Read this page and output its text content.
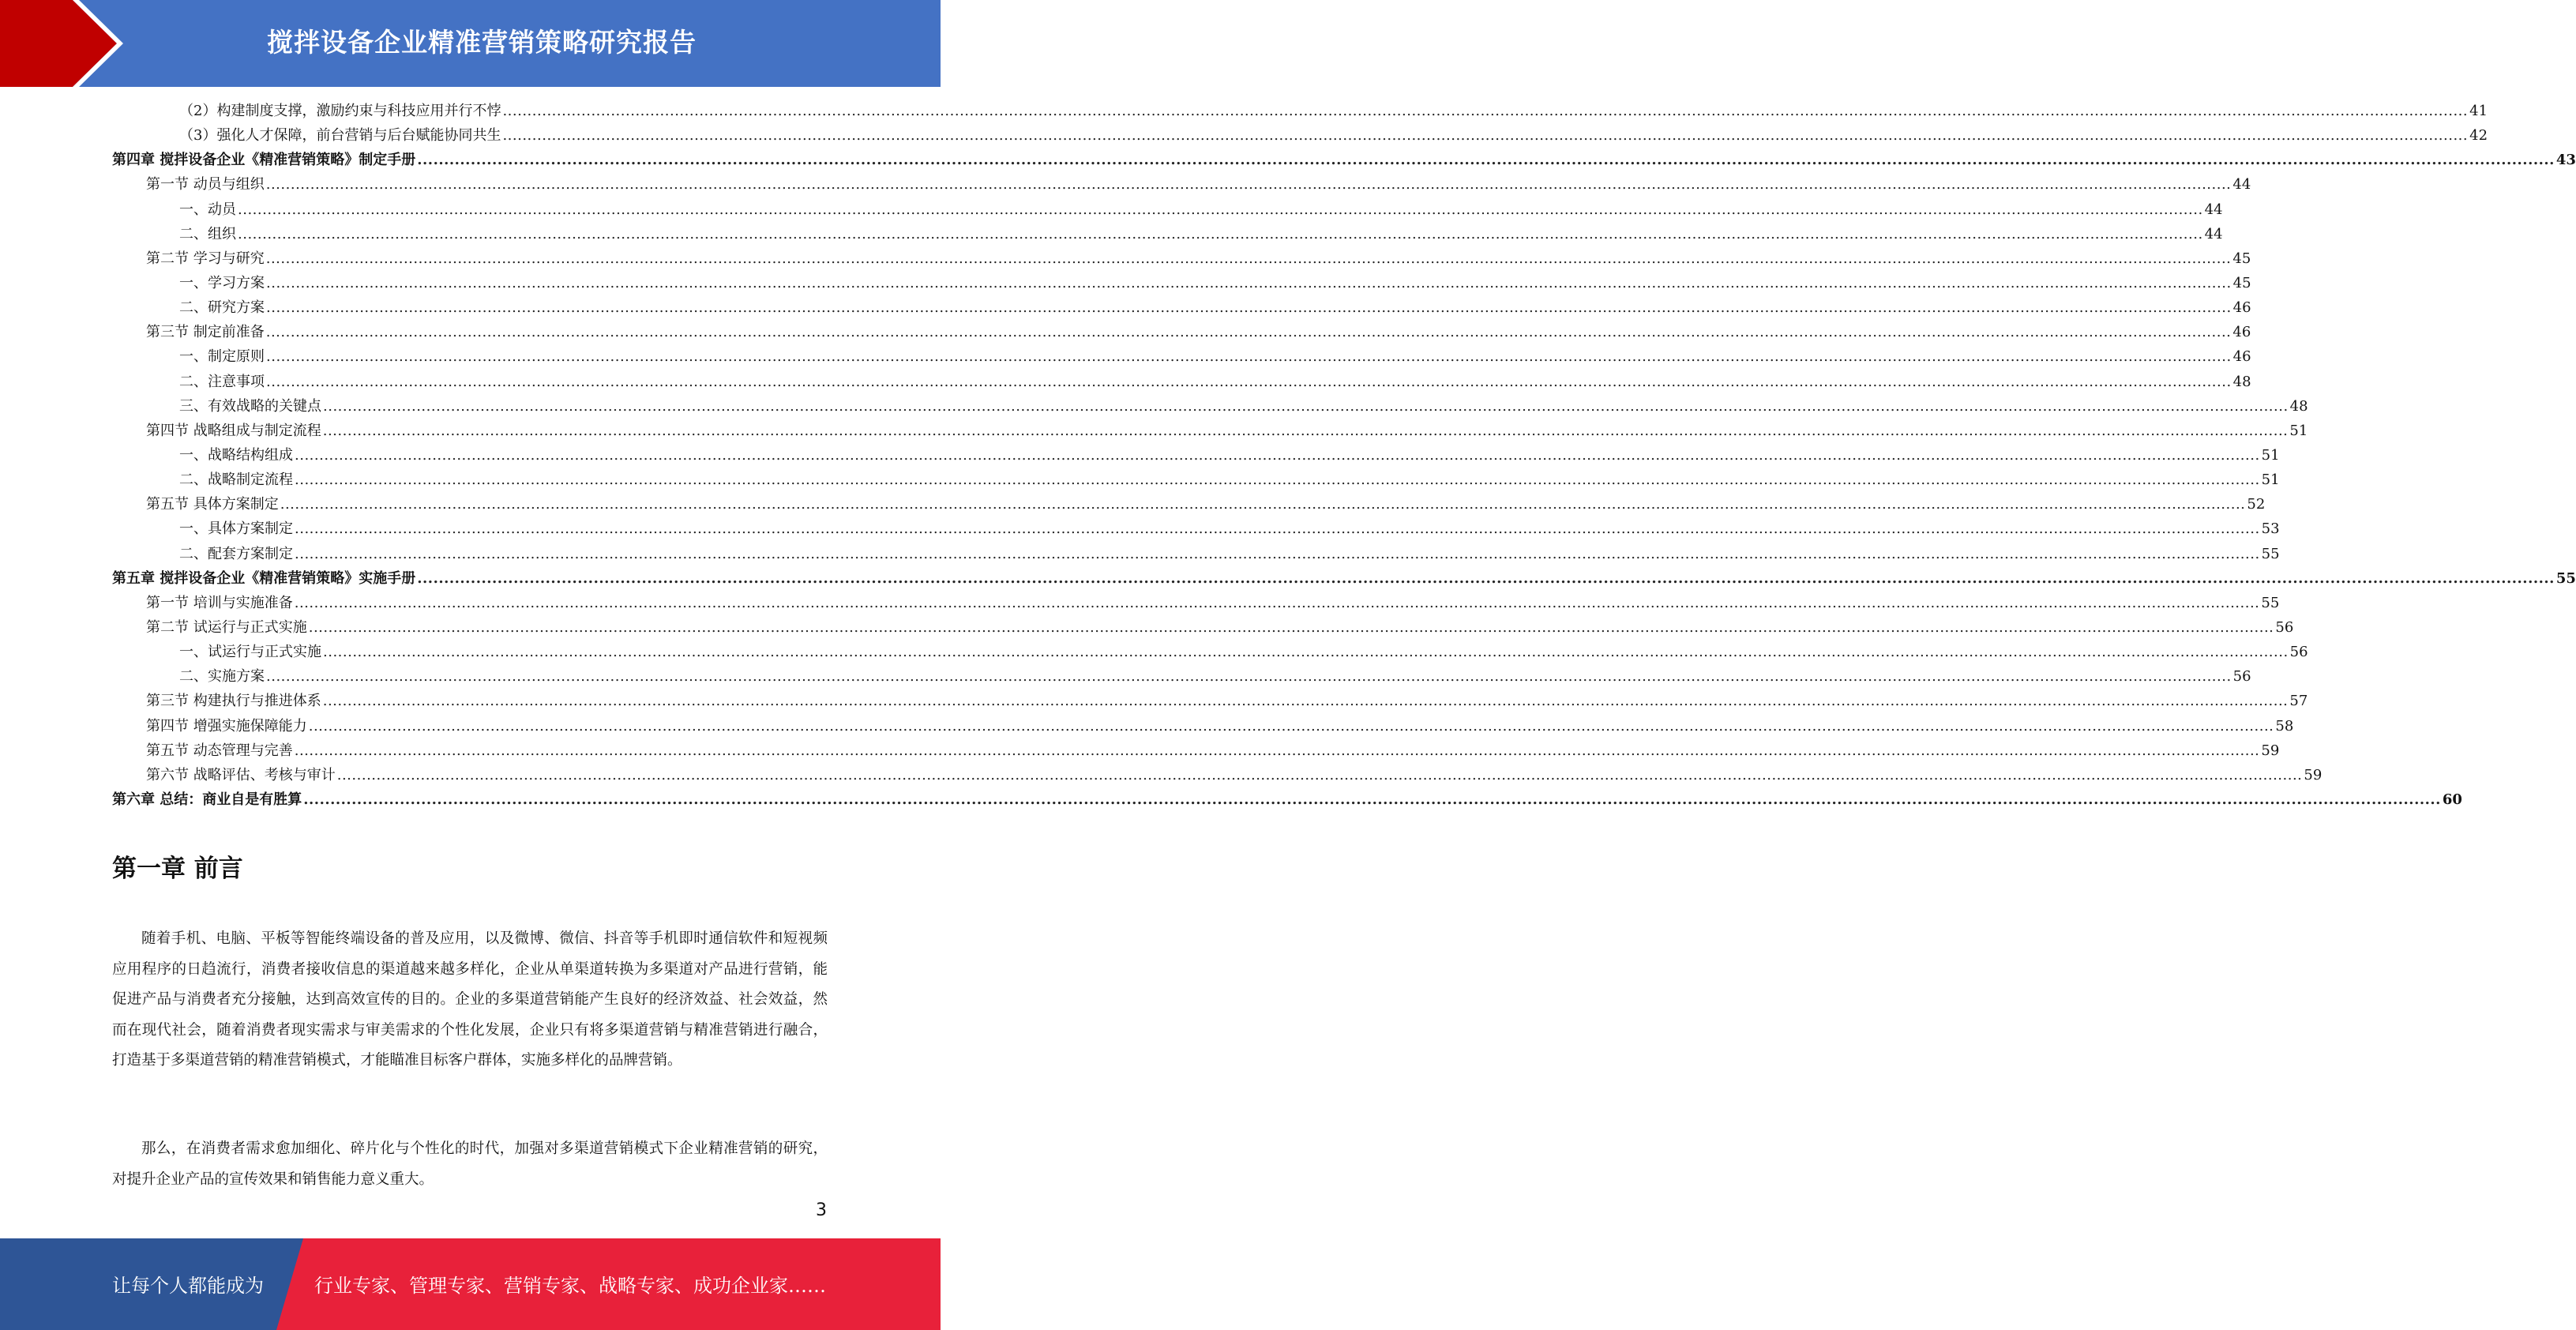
搅拌设备企业精准营销策略研究报告
（2）构建制度支撑，激励约束与科技应用并行不悖 ................................................................................................................................................................................................................................................................................................................................................................................................................ 41
（3）强化人才保障，前台营销与后台赋能协同共生 ................................................................................................................................................................................................................................................................................................................................................................................................................ 42
第四章 搅拌设备企业《精准营销策略》制定手册 ................................................................................................................................................................................................................................................................................................................................................................................................................ 43
第一节 动员与组织 ................................................................................................................................................................................................................................................................................................................................................................................................................ 44
一、动员 ................................................................................................................................................................................................................................................................................................................................................................................................................ 44
二、组织 ................................................................................................................................................................................................................................................................................................................................................................................................................ 44
第二节 学习与研究 ................................................................................................................................................................................................................................................................................................................................................................................................................ 45
一、学习方案 ................................................................................................................................................................................................................................................................................................................................................................................................................ 45
二、研究方案 ................................................................................................................................................................................................................................................................................................................................................................................................................ 46
第三节 制定前准备 ................................................................................................................................................................................................................................................................................................................................................................................................................ 46
一、制定原则 ................................................................................................................................................................................................................................................................................................................................................................................................................ 46
二、注意事项 ................................................................................................................................................................................................................................................................................................................................................................................................................ 48
三、有效战略的关键点 ................................................................................................................................................................................................................................................................................................................................................................................................................ 48
第四节 战略组成与制定流程 ................................................................................................................................................................................................................................................................................................................................................................................................................ 51
一、战略结构组成 ................................................................................................................................................................................................................................................................................................................................................................................................................ 51
二、战略制定流程 ................................................................................................................................................................................................................................................................................................................................................................................................................ 51
第五节 具体方案制定 ................................................................................................................................................................................................................................................................................................................................................................................................................ 52
一、具体方案制定 ................................................................................................................................................................................................................................................................................................................................................................................................................ 53
二、配套方案制定 ................................................................................................................................................................................................................................................................................................................................................................................................................ 55
第五章 搅拌设备企业《精准营销策略》实施手册 ................................................................................................................................................................................................................................................................................................................................................................................................................ 55
第一节 培训与实施准备 ................................................................................................................................................................................................................................................................................................................................................................................................................ 55
第二节 试运行与正式实施 ................................................................................................................................................................................................................................................................................................................................................................................................................ 56
一、试运行与正式实施 ................................................................................................................................................................................................................................................................................................................................................................................................................ 56
二、实施方案 ................................................................................................................................................................................................................................................................................................................................................................................................................ 56
第三节 构建执行与推进体系 ................................................................................................................................................................................................................................................................................................................................................................................................................ 57
第四节 增强实施保障能力 ................................................................................................................................................................................................................................................................................................................................................................................................................ 58
第五节 动态管理与完善 ................................................................................................................................................................................................................................................................................................................................................................................................................ 59
第六节 战略评估、考核与审计 ................................................................................................................................................................................................................................................................................................................................................................................................................ 59
第六章 总结：商业自是有胜算 ................................................................................................................................................................................................................................................................................................................................................................................................................ 60
第一章 前言
随着手机、电脑、平板等智能终端设备的普及应用，以及微博、微信、抖音等手机即时通信软件和短视频应用程序的日趋流行，消费者接收信息的渠道越来越多样化，企业从单渠道转换为多渠道对产品进行营销，能促进产品与消费者充分接触，达到高效宣传的目的。企业的多渠道营销能产生良好的经济效益、社会效益，然而在现代社会，随着消费者现实需求与审美需求的个性化发展，企业只有将多渠道营销与精准营销进行融合，打造基于多渠道营销的精准营销模式，才能瞄准目标客户群体，实施多样化的品牌营销。
那么，在消费者需求愈加细化、碎片化与个性化的时代，加强对多渠道营销模式下企业精准营销的研究，对提升企业产品的宣传效果和销售能力意义重大。
3
让每个人都能成为	行业专家、管理专家、营销专家、战略专家、成功企业家……
